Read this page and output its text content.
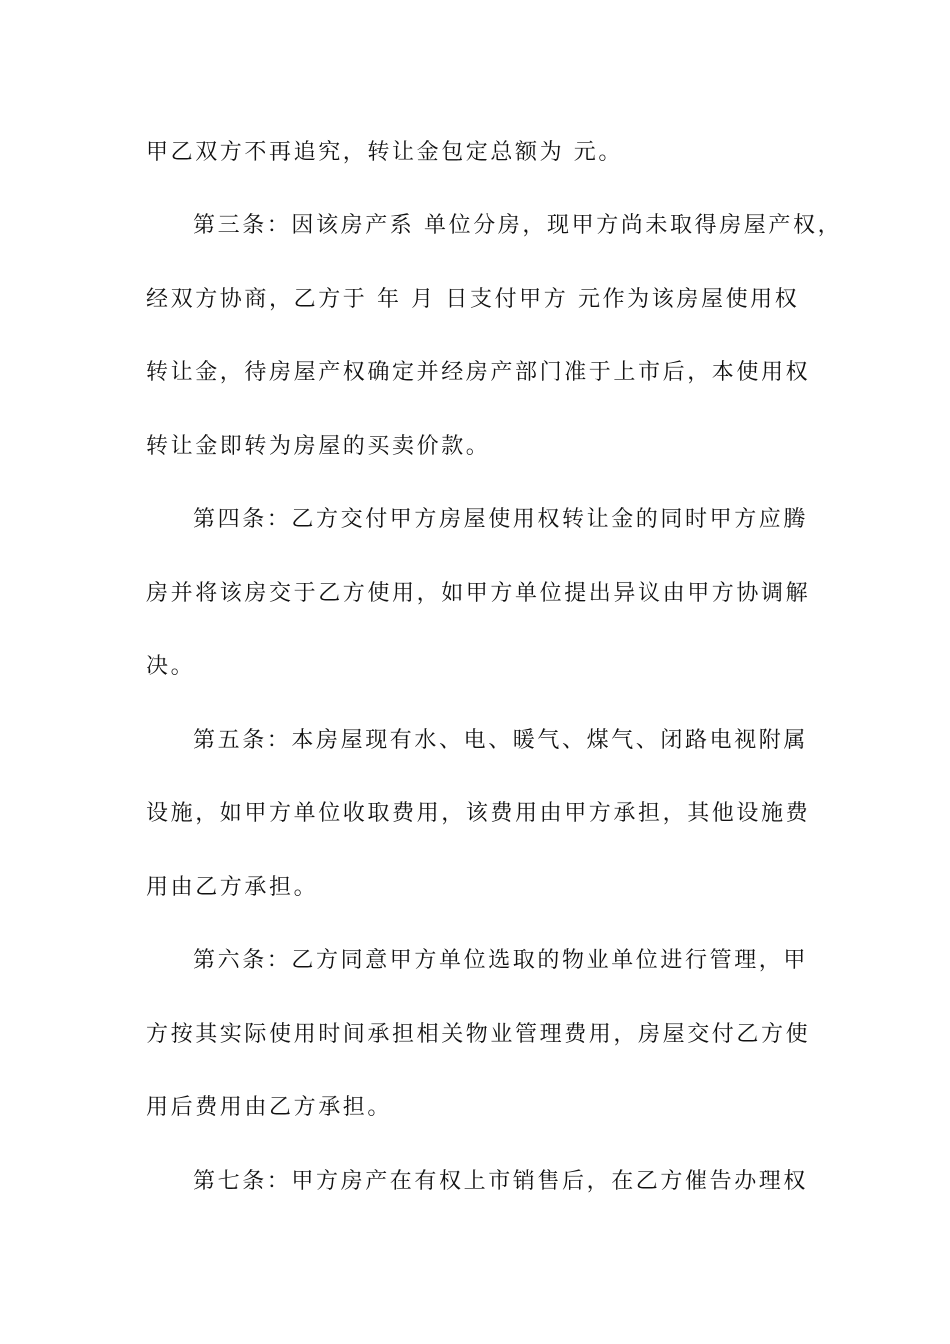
甲乙双方不再追究，转让金包定总额为 元。
第三条：因该房产系 单位分房，现甲方尚未取得房屋产权，
经双方协商，乙方于 年 月 日支付甲方 元作为该房屋使用权
转让金，待房屋产权确定并经房产部门准于上市后，本使用权
转让金即转为房屋的买卖价款。
第四条：乙方交付甲方房屋使用权转让金的同时甲方应腾
房并将该房交于乙方使用，如甲方单位提出异议由甲方协调解
决。
第五条：本房屋现有水、电、暖气、煤气、闭路电视附属
设施，如甲方单位收取费用，该费用由甲方承担，其他设施费
用由乙方承担。
第六条：乙方同意甲方单位选取的物业单位进行管理，甲
方按其实际使用时间承担相关物业管理费用，房屋交付乙方使
用后费用由乙方承担。
第七条：甲方房产在有权上市销售后，在乙方催告办理权
